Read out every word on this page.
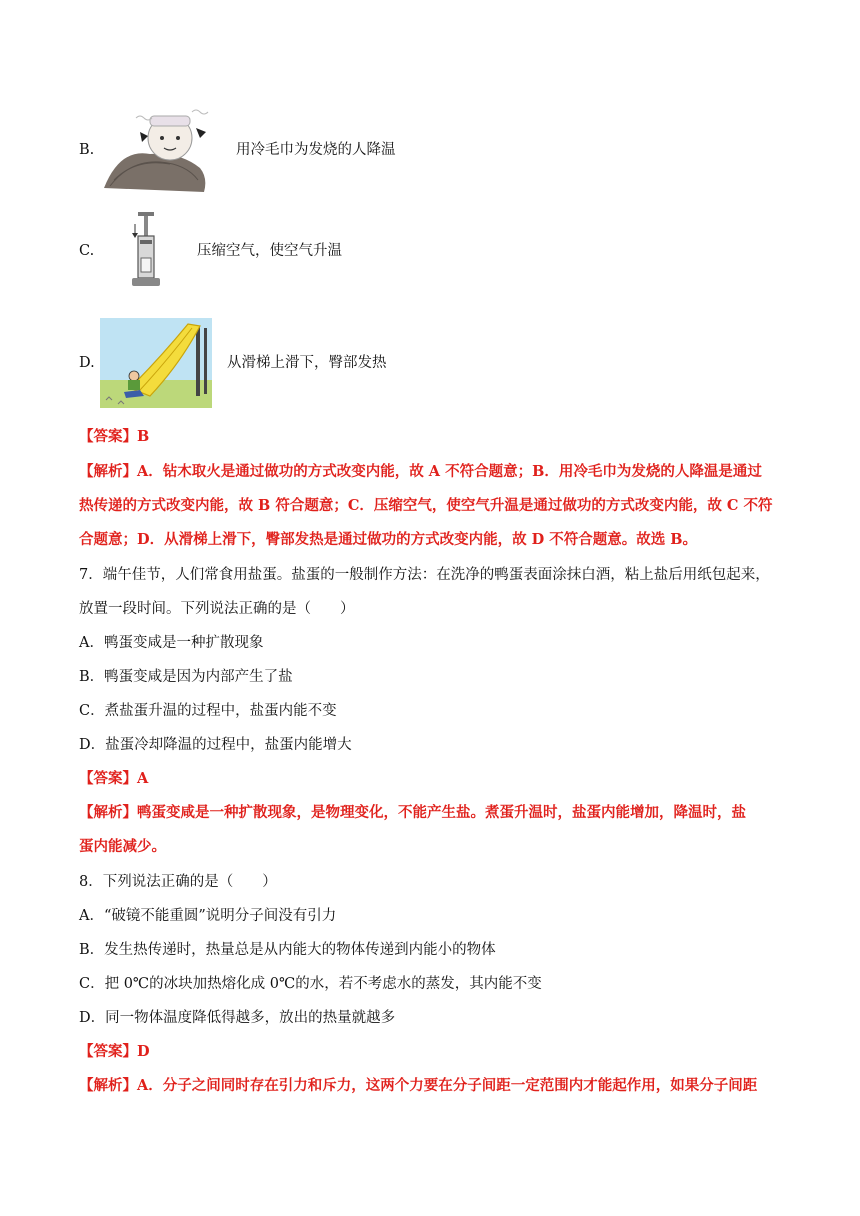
B.	用冷毛巾为发烧的人降温
C.	压缩空气，使空气升温
D.	从滑梯上滑下，臀部发热
【答案】B
【解析】A．钻木取火是通过做功的方式改变内能，故 A 不符合题意；B．用冷毛巾为发烧的人降温是通过
热传递的方式改变内能，故 B 符合题意；C．压缩空气，使空气升温是通过做功的方式改变内能，故 C 不符
合题意；D．从滑梯上滑下，臀部发热是通过做功的方式改变内能，故 D 不符合题意。故选 B。
7．端午佳节，人们常食用盐蛋。盐蛋的一般制作方法：在洗净的鸭蛋表面涂抹白酒，粘上盐后用纸包起来，
放置一段时间。下列说法正确的是（　　）
A．鸭蛋变咸是一种扩散现象
B．鸭蛋变咸是因为内部产生了盐
C．煮盐蛋升温的过程中，盐蛋内能不变
D．盐蛋冷却降温的过程中，盐蛋内能增大
【答案】A
【解析】鸭蛋变咸是一种扩散现象，是物理变化，不能产生盐。煮蛋升温时，盐蛋内能增加，降温时，盐
蛋内能减少。
8．下列说法正确的是（　　）
A．“破镜不能重圆”说明分子间没有引力
B．发生热传递时，热量总是从内能大的物体传递到内能小的物体
C．把 0℃的冰块加热熔化成 0℃的水，若不考虑水的蒸发，其内能不变
D．同一物体温度降低得越多，放出的热量就越多
【答案】D
【解析】A．分子之间同时存在引力和斥力，这两个力要在分子间距一定范围内才能起作用，如果分子间距
